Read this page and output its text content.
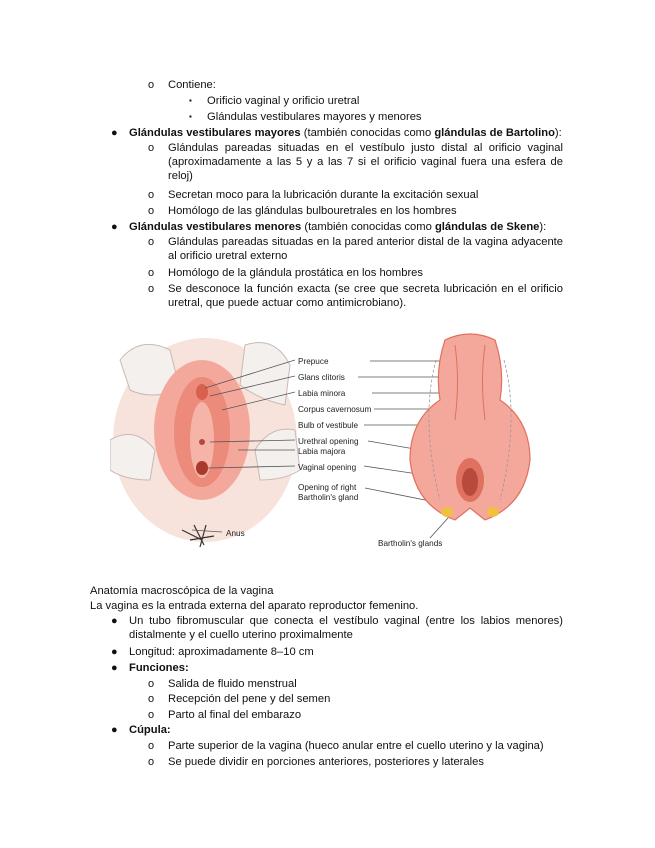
o Contiene:
▪ Orificio vaginal y orificio uretral
▪ Glándulas vestibulares mayores y menores
● Glándulas vestibulares mayores (también conocidas como glándulas de Bartolino):
o Glándulas pareadas situadas en el vestíbulo justo distal al orificio vaginal (aproximadamente a las 5 y a las 7 si el orificio vaginal fuera una esfera de reloj)
o Secretan moco para la lubricación durante la excitación sexual
o Homólogo de las glándulas bulbouretrales en los hombres
● Glándulas vestibulares menores (también conocidas como glándulas de Skene):
o Glándulas pareadas situadas en la pared anterior distal de la vagina adyacente al orificio uretral externo
o Homólogo de la glándula prostática en los hombres
o Se desconoce la función exacta (se cree que secreta lubricación en el orificio uretral, que puede actuar como antimicrobiano).
Prepuce
Glans clitoris
Labia minora
Corpus cavernosum
Bulb of vestibule
Urethral opening
Labia majora
Vaginal opening
Opening of right
Bartholin's gland
Anus
Bartholin's glands
Anatomía macroscópica de la vagina
La vagina es la entrada externa del aparato reproductor femenino.
● Un tubo fibromuscular que conecta el vestíbulo vaginal (entre los labios menores) distalmente y el cuello uterino proximalmente
● Longitud: aproximadamente 8–10 cm
● Funciones:
o Salida de fluido menstrual
o Recepción del pene y del semen
o Parto al final del embarazo
● Cúpula:
o Parte superior de la vagina (hueco anular entre el cuello uterino y la vagina)
o Se puede dividir en porciones anteriores, posteriores y laterales
